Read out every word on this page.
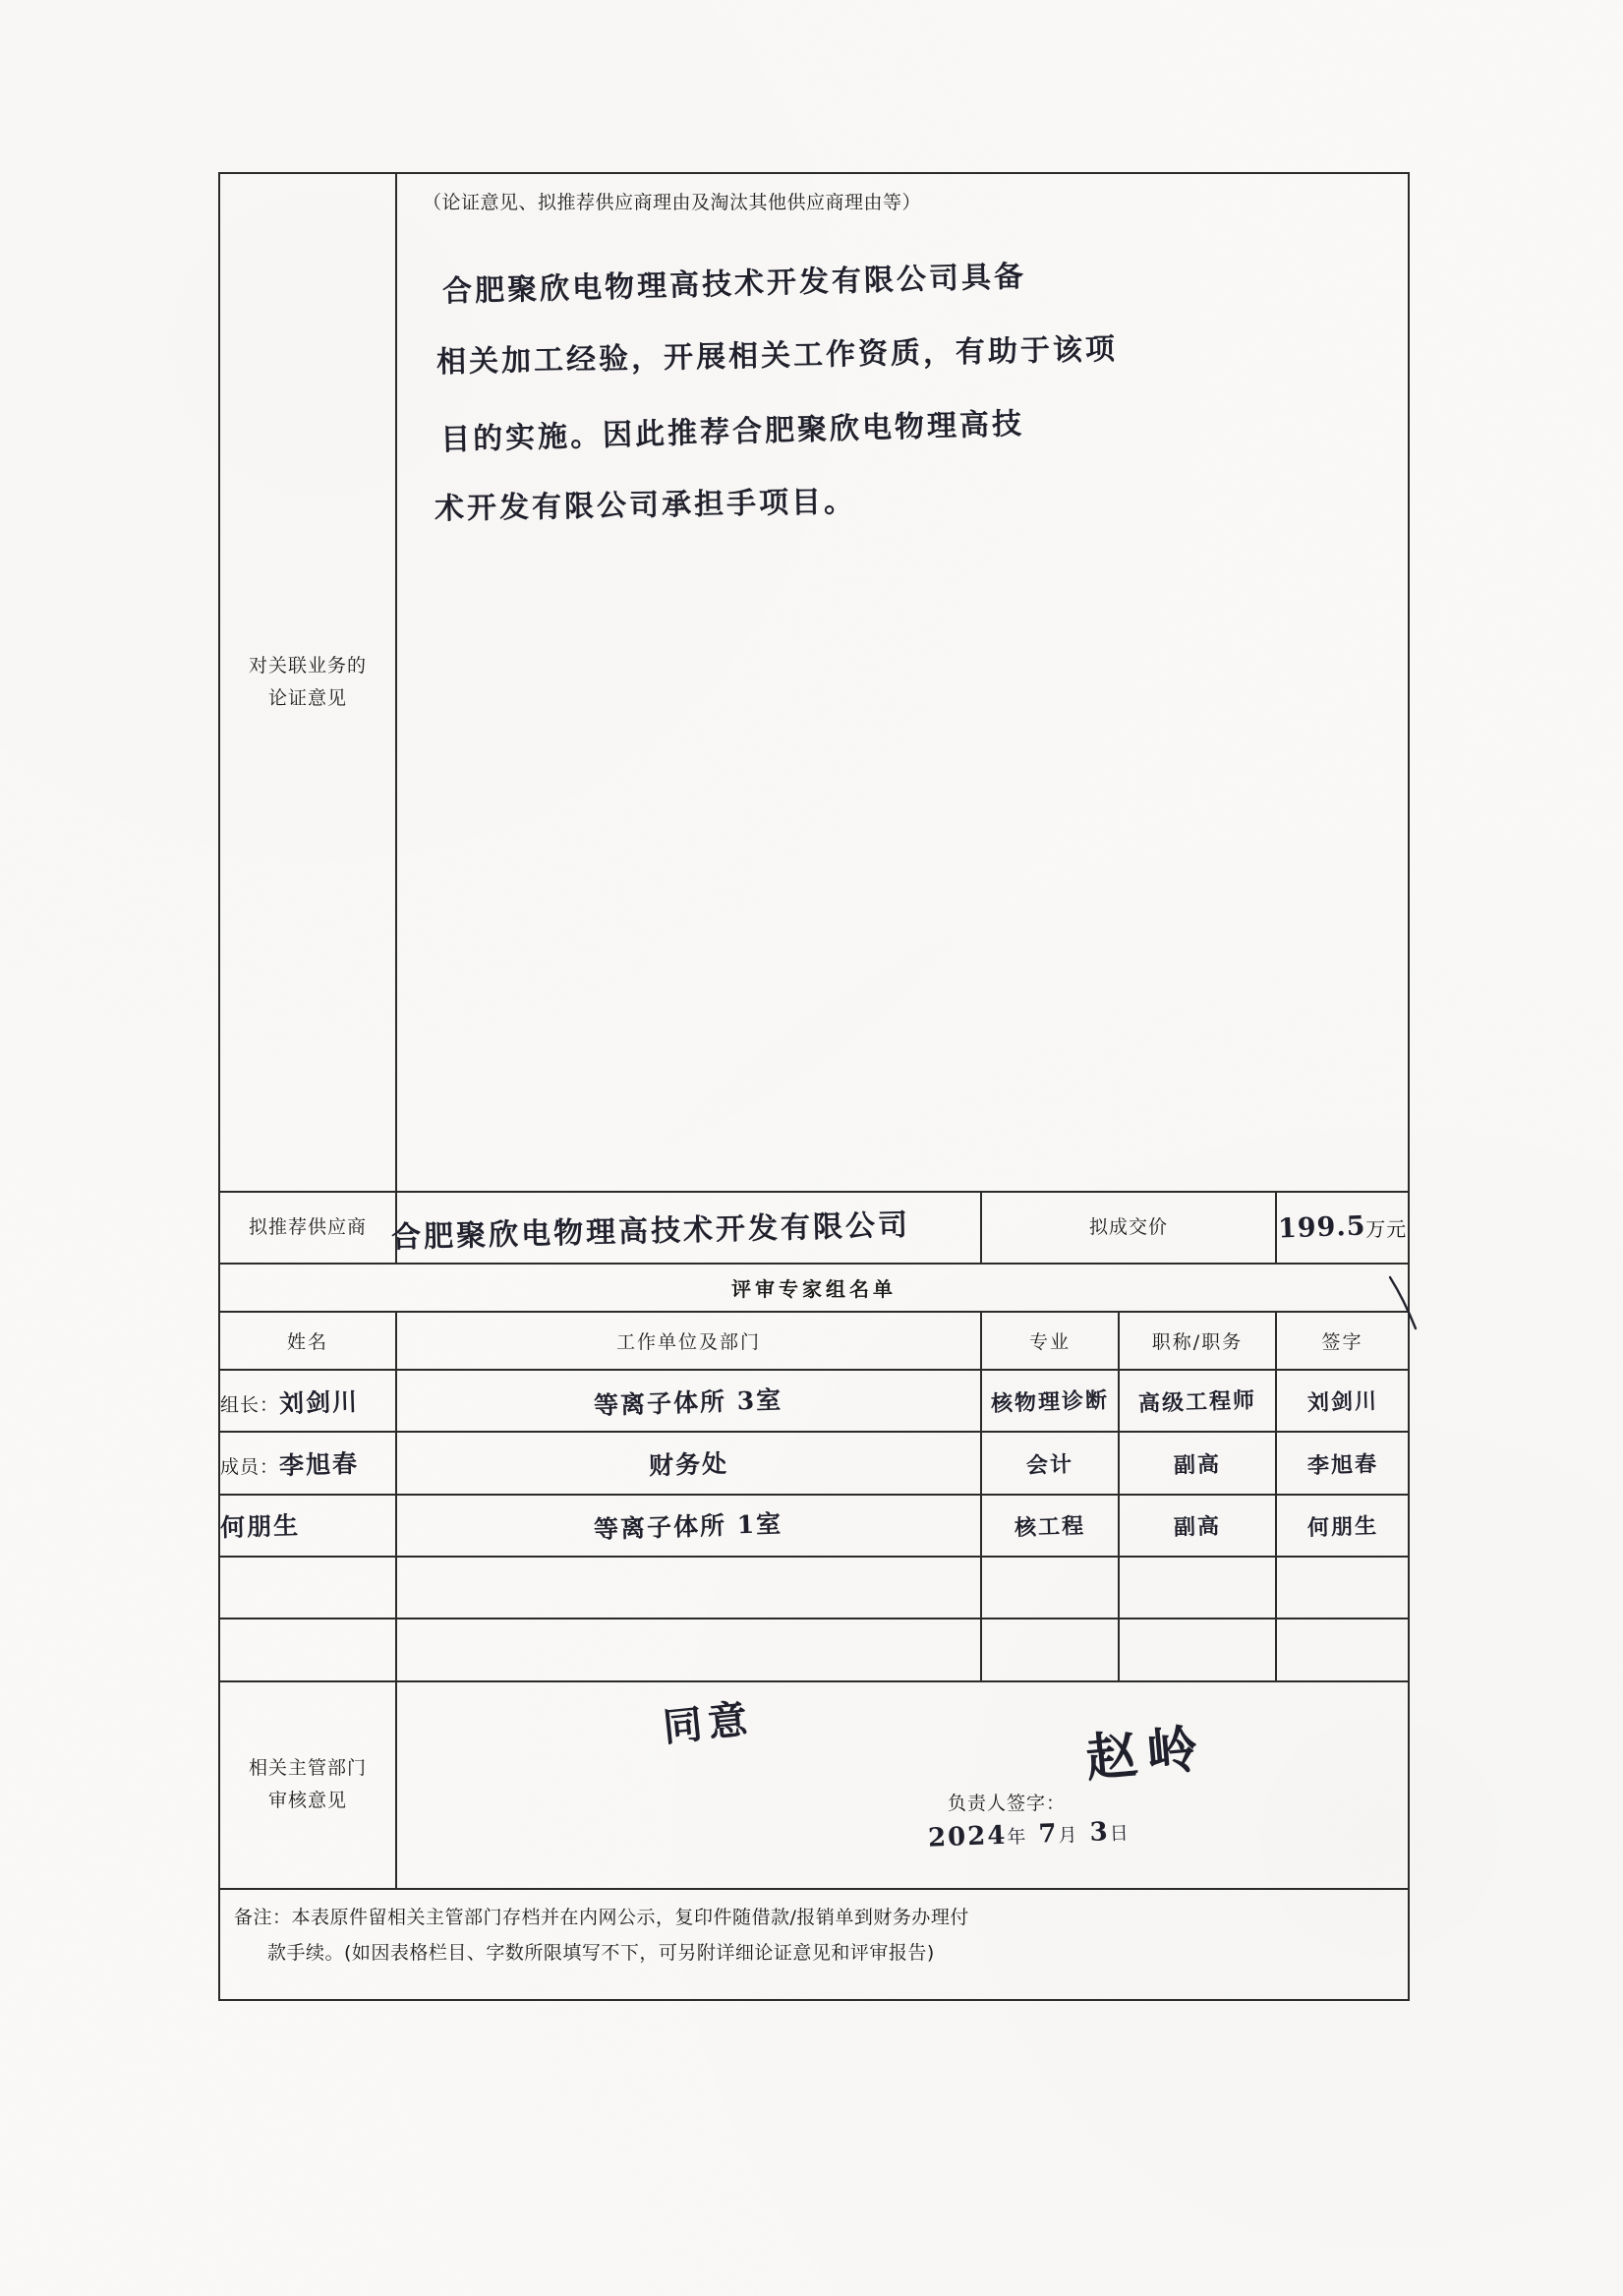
对关联业务的
论证意见

（论证意见、拟推荐供应商理由及淘汰其他供应商理由等）
合肥聚欣电物理高技术开发有限公司具备
相关加工经验，开展相关工作资质，有助于该项
目的实施。因此推荐合肥聚欣电物理高技
术开发有限公司承担手项目。

拟推荐供应商	合肥聚欣电物理高技术开发有限公司	拟成交价		199.5万元

评审专家组名单				

姓名	工作单位及部门	专业	职称/职务	签字

组长：刘剑川	等离子体所 3室	核物理诊断	高级工程师	刘剑川
成员：李旭春	财务处	会计	副高	李旭春
何朋生	等离子体所 1室	核工程	副高	何朋生

相关主管部门
审核意见

同意	赵岭
负责人签字：
2024年 7月 3日

备注：本表原件留相关主管部门存档并在内网公示，复印件随借款/报销单到财务办理付
款手续。(如因表格栏目、字数所限填写不下，可另附详细论证意见和评审报告)				
